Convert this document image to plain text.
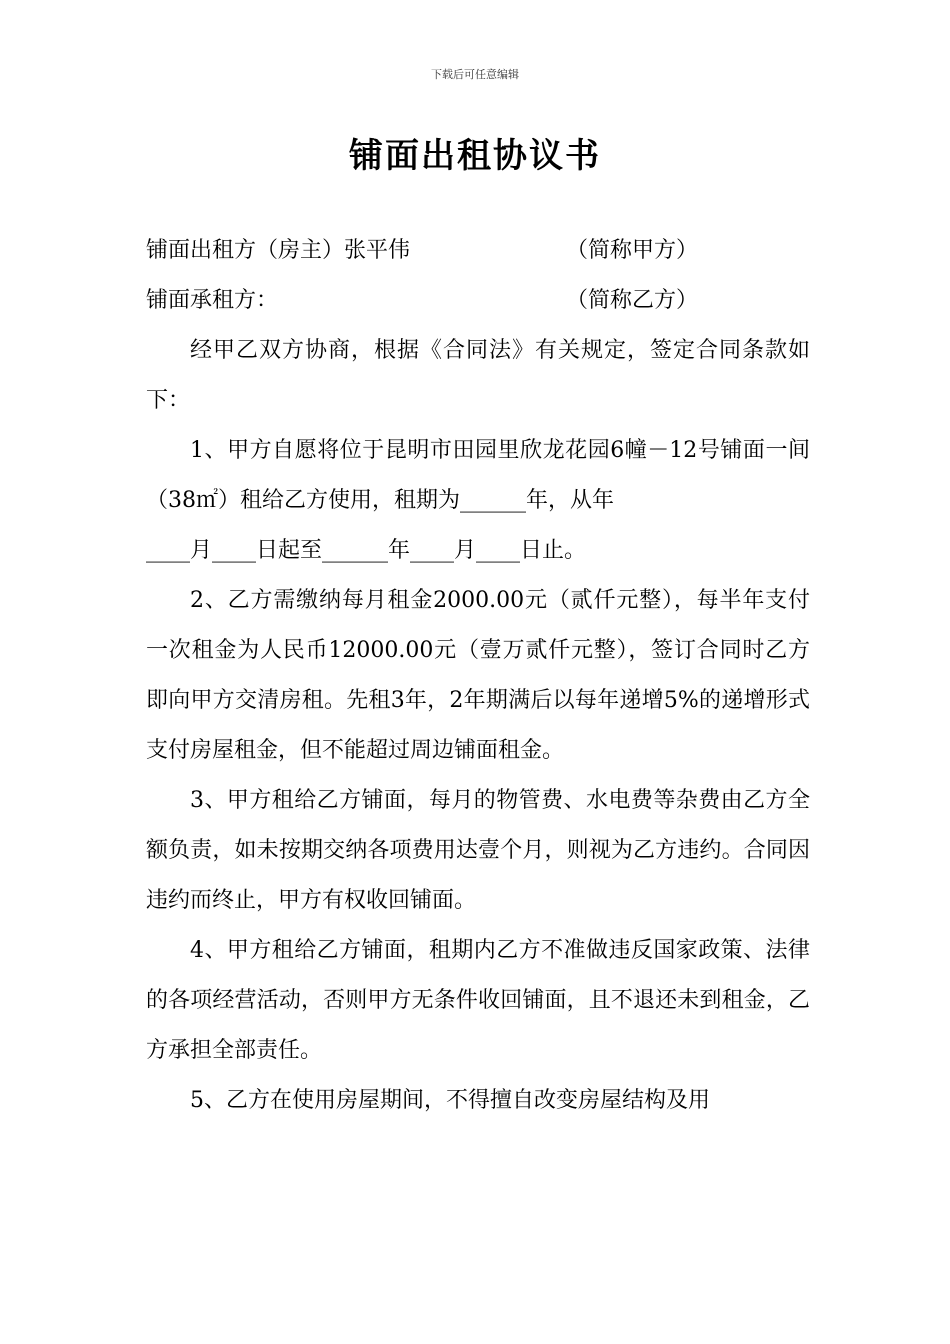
下载后可任意编辑
铺面出租协议书
铺面出租方（房主）张平伟	（简称甲方）
铺面承租方：	（简称乙方）
经甲乙双方协商，根据《合同法》有关规定，签定合同条款如下：
1、甲方自愿将位于昆明市田园里欣龙花园6幢－12号铺面一间（38㎡）租给乙方使用，租期为______年，从年
____月____日起至______年____月____日止。
2、乙方需缴纳每月租金2000.00元（贰仟元整），每半年支付一次租金为人民币12000.00元（壹万贰仟元整），签订合同时乙方即向甲方交清房租。先租3年，2年期满后以每年递增5%的递增形式支付房屋租金，但不能超过周边铺面租金。
3、甲方租给乙方铺面，每月的物管费、水电费等杂费由乙方全额负责，如未按期交纳各项费用达壹个月，则视为乙方违约。合同因违约而终止，甲方有权收回铺面。
4、甲方租给乙方铺面，租期内乙方不准做违反国家政策、法律的各项经营活动，否则甲方无条件收回铺面，且不退还未到租金，乙方承担全部责任。
5、乙方在使用房屋期间，不得擅自改变房屋结构及用
